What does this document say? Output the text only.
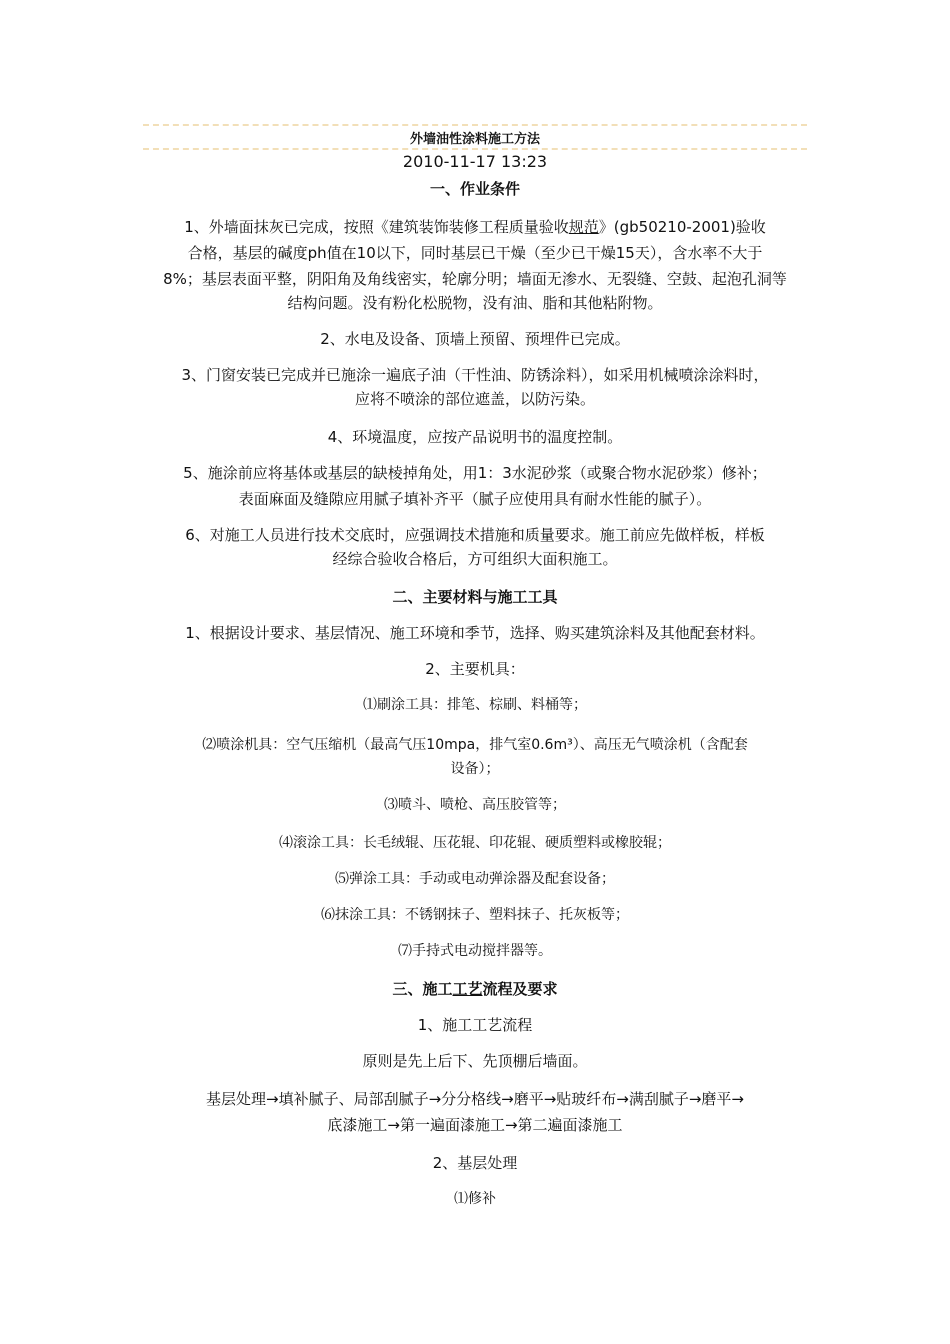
外墙油性涂料施工方法
2010-11-17 13:23

一、作业条件

1、外墙面抹灰已完成，按照《建筑装饰装修工程质量验收规范》(gb50210-2001)验收

合格，基层的碱度ph值在10以下，同时基层已干燥（至少已干燥15天），含水率不大于

8%；基层表面平整，阴阳角及角线密实，轮廓分明；墙面无渗水、无裂缝、空鼓、起泡孔洞等

结构问题。没有粉化松脱物，没有油、脂和其他粘附物。

2、水电及设备、顶墙上预留、预埋件已完成。

3、门窗安装已完成并已施涂一遍底子油（干性油、防锈涂料），如采用机械喷涂涂料时，

应将不喷涂的部位遮盖，以防污染。

4、环境温度，应按产品说明书的温度控制。

5、施涂前应将基体或基层的缺棱掉角处，用1：3水泥砂浆（或聚合物水泥砂浆）修补；

表面麻面及缝隙应用腻子填补齐平（腻子应使用具有耐水性能的腻子）。

6、对施工人员进行技术交底时，应强调技术措施和质量要求。施工前应先做样板，样板

经综合验收合格后，方可组织大面积施工。

二、主要材料与施工工具

1、根据设计要求、基层情况、施工环境和季节，选择、购买建筑涂料及其他配套材料。

2、主要机具：

⑴刷涂工具：排笔、棕刷、料桶等；

⑵喷涂机具：空气压缩机（最高气压10mpa，排气室0.6m³）、高压无气喷涂机（含配套

设备）；

⑶喷斗、喷枪、高压胶管等；

⑷滚涂工具：长毛绒辊、压花辊、印花辊、硬质塑料或橡胶辊；

⑸弹涂工具：手动或电动弹涂器及配套设备；

⑹抹涂工具：不锈钢抹子、塑料抹子、托灰板等；

⑺手持式电动搅拌器等。

三、施工工艺流程及要求

1、施工工艺流程

原则是先上后下、先顶棚后墙面。

基层处理→填补腻子、局部刮腻子→分分格线→磨平→贴玻纤布→满刮腻子→磨平→

底漆施工→第一遍面漆施工→第二遍面漆施工

2、基层处理

⑴修补
